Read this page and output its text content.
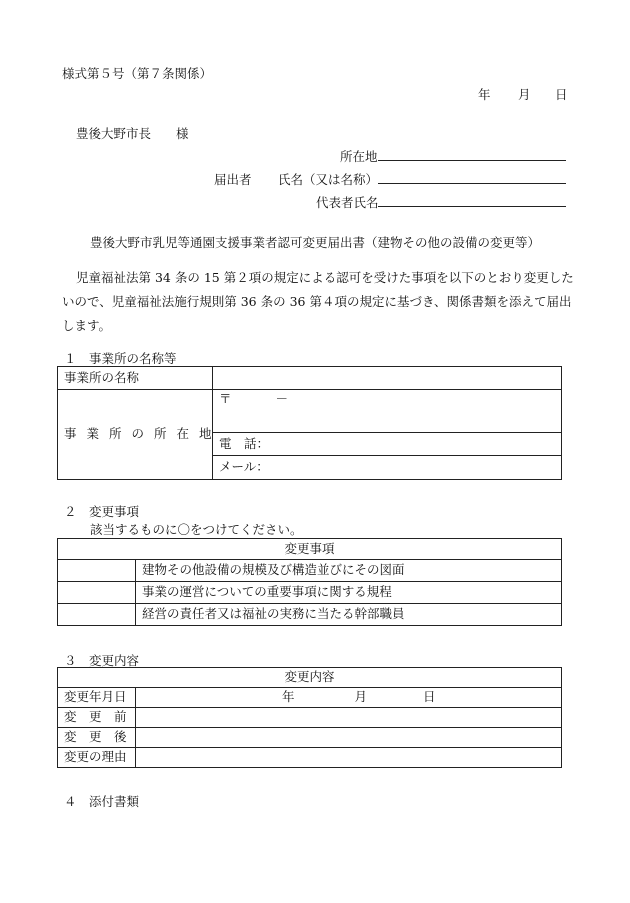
様式第５号（第７条関係）
年 月 日
豊後大野市長 様
所在地
届出者 氏名（又は名称）
代表者氏名
豊後大野市乳児等通園支援事業者認可変更届出書（建物その他の設備の変更等）
児童福祉法第 34 条の 15 第２項の規定による認可を受けた事項を以下のとおり変更した
いので、児童福祉法施行規則第 36 条の 36 第４項の規定に基づき、関係書類を添えて届出
します。
１　事業所の名称等
事業所の名称	
事業所の所在地	〒 －
	電　話：
	メール：
２　変更事項
該当するものに〇をつけてください。
変更事項	
	建物その他設備の規模及び構造並びにその図面
	事業の運営についての重要事項に関する規程
	経営の責任者又は福祉の実務に当たる幹部職員
３　変更内容
変更内容	
変更年月日	年 月 日
変　更　前	
変　更　後	
変更の理由	
４　添付書類
